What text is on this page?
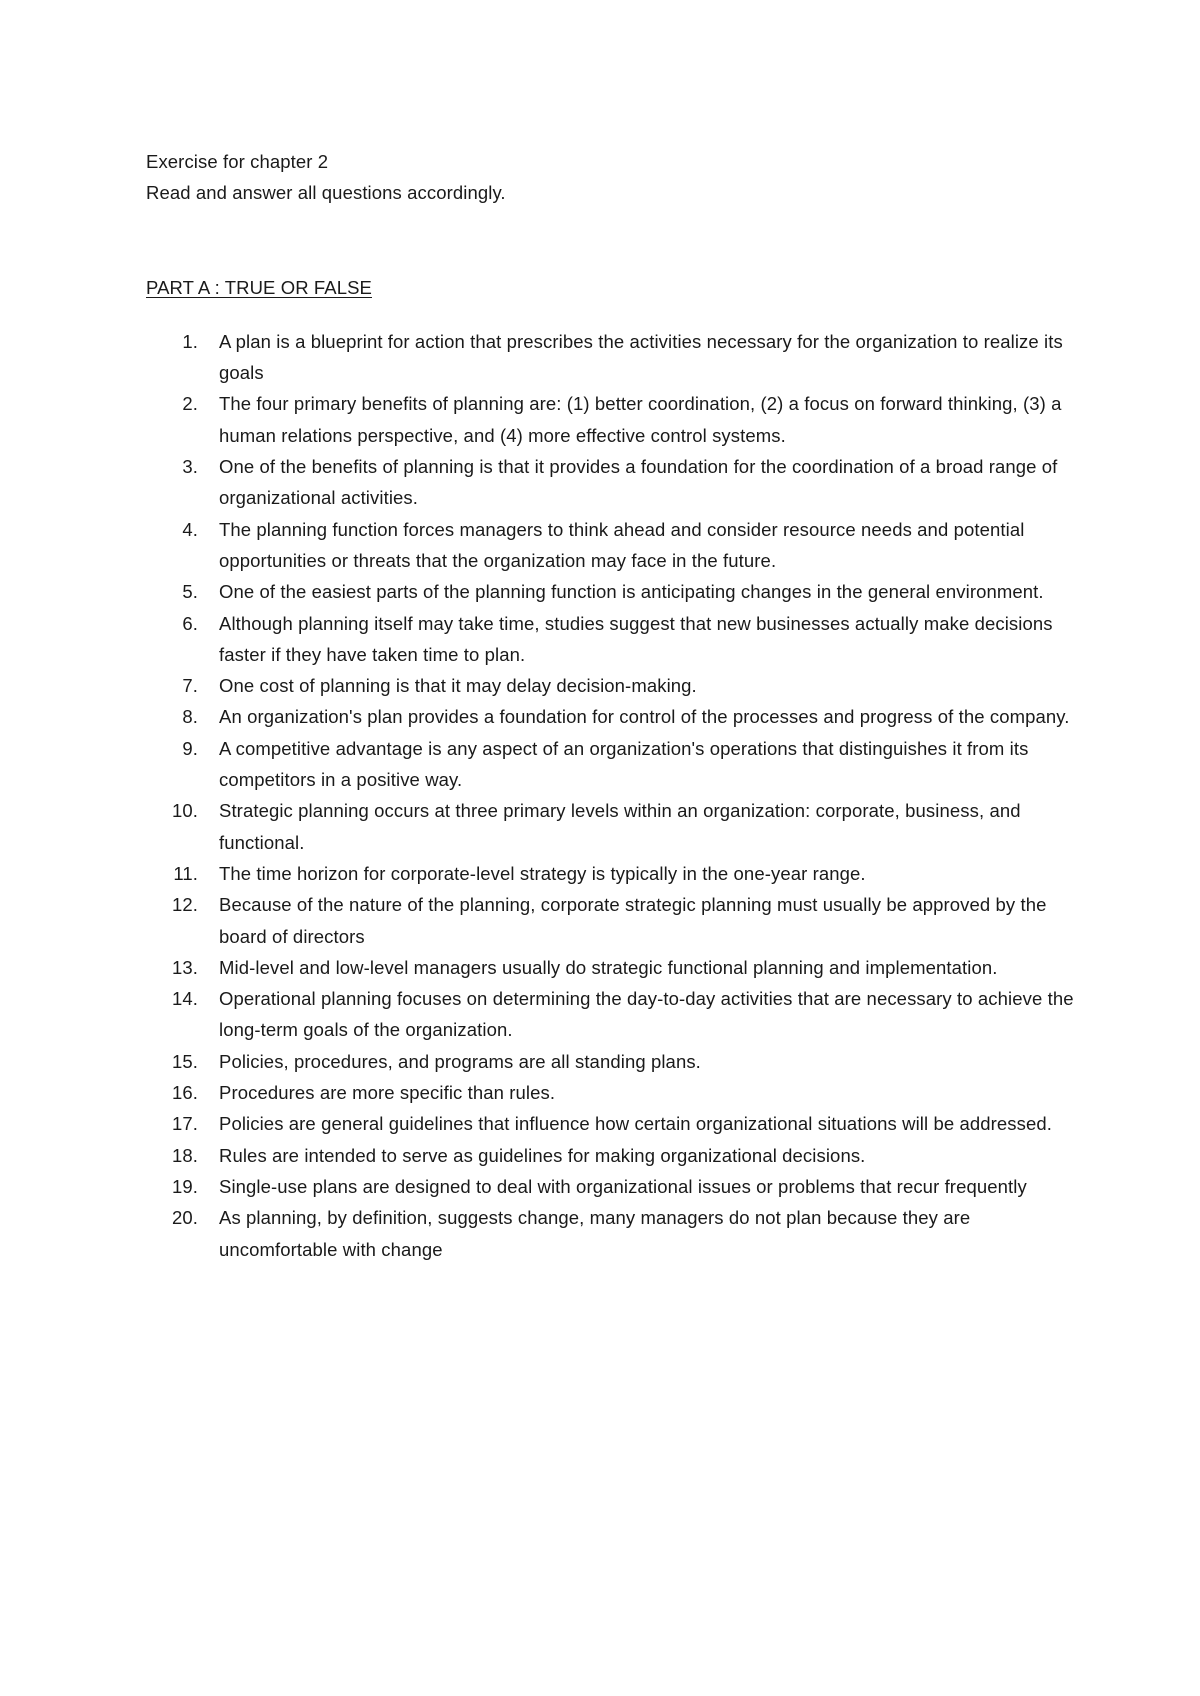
Exercise for chapter 2

Read and answer all questions accordingly.

PART A : TRUE OR FALSE

1. A plan is a blueprint for action that prescribes the activities necessary for the organization to realize its goals
2. The four primary benefits of planning are: (1) better coordination, (2) a focus on forward thinking, (3) a human relations perspective, and (4) more effective control systems.
3. One of the benefits of planning is that it provides a foundation for the coordination of a broad range of organizational activities.
4. The planning function forces managers to think ahead and consider resource needs and potential opportunities or threats that the organization may face in the future.
5. One of the easiest parts of the planning function is anticipating changes in the general environment.
6. Although planning itself may take time, studies suggest that new businesses actually make decisions faster if they have taken time to plan.
7. One cost of planning is that it may delay decision-making.
8. An organization's plan provides a foundation for control of the processes and progress of the company.
9. A competitive advantage is any aspect of an organization's operations that distinguishes it from its competitors in a positive way.
10. Strategic planning occurs at three primary levels within an organization: corporate, business, and functional.
11. The time horizon for corporate-level strategy is typically in the one-year range.
12. Because of the nature of the planning, corporate strategic planning must usually be approved by the board of directors
13. Mid-level and low-level managers usually do strategic functional planning and implementation.
14. Operational planning focuses on determining the day-to-day activities that are necessary to achieve the long-term goals of the organization.
15. Policies, procedures, and programs are all standing plans.
16. Procedures are more specific than rules.
17. Policies are general guidelines that influence how certain organizational situations will be addressed.
18. Rules are intended to serve as guidelines for making organizational decisions.
19. Single-use plans are designed to deal with organizational issues or problems that recur frequently
20. As planning, by definition, suggests change, many managers do not plan because they are uncomfortable with change
